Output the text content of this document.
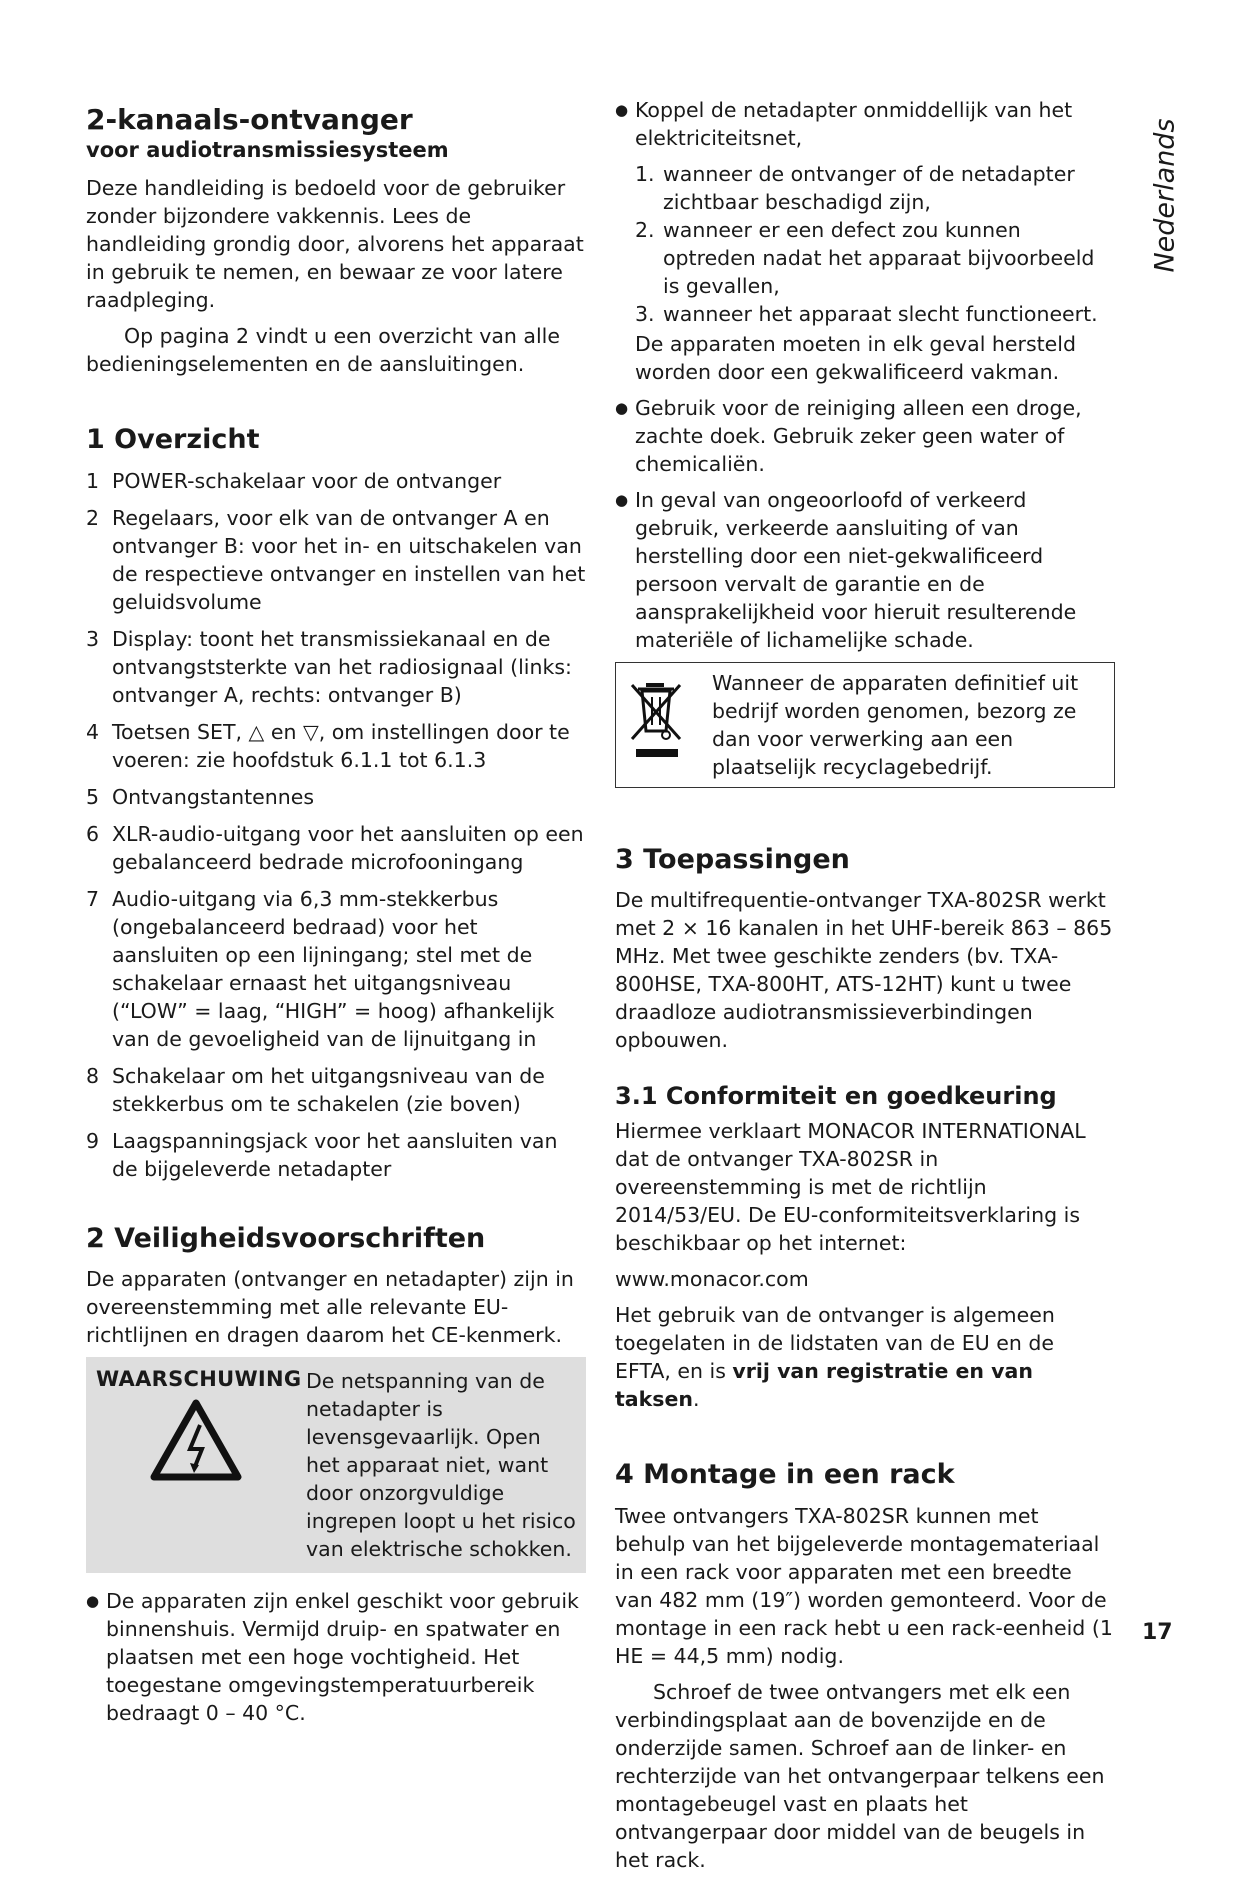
2-kanaals-ontvanger
voor audiotransmissiesysteem

Deze handleiding is bedoeld voor de gebruiker zonder bijzondere vakkennis. Lees de handleiding grondig door, alvorens het apparaat in gebruik te nemen, en bewaar ze voor latere raadpleging.

Op pagina 2 vindt u een overzicht van alle bedieningselementen en de aansluitingen.

1 Overzicht
1 POWER-schakelaar voor de ontvanger
2 Regelaars, voor elk van de ontvanger A en ontvanger B: voor het in- en uitschakelen van de respectieve ontvanger en instellen van het geluidsvolume
3 Display: toont het transmissiekanaal en de ontvangststerkte van het radiosignaal (links: ontvanger A, rechts: ontvanger B)
4 Toetsen SET, △ en ▽, om instellingen door te voeren: zie hoofdstuk 6.1.1 tot 6.1.3
5 Ontvangstantennes
6 XLR-audio-uitgang voor het aansluiten op een gebalanceerd bedrade microfooningang
7 Audio-uitgang via 6,3 mm-stekkerbus (ongebalanceerd bedraad) voor het aansluiten op een lijningang; stel met de schakelaar ernaast het uitgangsniveau (“LOW” = laag, “HIGH” = hoog) afhankelijk van de gevoeligheid van de lijnuitgang in
8 Schakelaar om het uitgangsniveau van de stekkerbus om te schakelen (zie boven)
9 Laagspanningsjack voor het aansluiten van de bijgeleverde netadapter
2 Veiligheidsvoorschriften

De apparaten (ontvanger en netadapter) zijn in overeenstemming met alle relevante EU-richtlijnen en dragen daarom het CE-kenmerk.

WAARSCHUWING De netspanning van de netadapter is levensgevaarlijk. Open het apparaat niet, want door onzorgvuldige ingrepen loopt u het risico van elektrische schokken.

● De apparaten zijn enkel geschikt voor gebruik binnenshuis. Vermijd druip- en spatwater en plaatsen met een hoge vochtigheid. Het toegestane omgevingstemperatuurbereik bedraagt 0 – 40 °C.
● Koppel de netadapter onmiddellijk van het elektriciteitsnet,
1. wanneer de ontvanger of de netadapter zichtbaar beschadigd zijn,
2. wanneer er een defect zou kunnen optreden nadat het apparaat bijvoorbeeld is gevallen,
3. wanneer het apparaat slecht functioneert.

De apparaten moeten in elk geval hersteld worden door een gekwalificeerd vakman.

● Gebruik voor de reiniging alleen een droge, zachte doek. Gebruik zeker geen water of chemicaliën.
● In geval van ongeoorloofd of verkeerd gebruik, verkeerde aansluiting of van herstelling door een niet-gekwalificeerd persoon vervalt de garantie en de aansprakelijkheid voor hieruit resulterende materiële of lichamelijke schade.

Wanneer de apparaten definitief uit bedrijf worden genomen, bezorg ze dan voor verwerking aan een plaatselijk recyclagebedrijf.

3 Toepassingen

De multifrequentie-ontvanger TXA-802SR werkt met 2 × 16 kanalen in het UHF-bereik 863 – 865 MHz. Met twee geschikte zenders (bv. TXA-800HSE, TXA-800HT, ATS-12HT) kunt u twee draadloze audiotransmissieverbindingen opbouwen.

3.1 Conformiteit en goedkeuring

Hiermee verklaart MONACOR INTERNATIONAL dat de ontvanger TXA-802SR in overeenstemming is met de richtlijn 2014/53/EU. De EU-conformiteitsverklaring is beschikbaar op het internet:

www.monacor.com

Het gebruik van de ontvanger is algemeen toegelaten in de lidstaten van de EU en de EFTA, en is vrij van registratie en van taksen.

4 Montage in een rack

Twee ontvangers TXA-802SR kunnen met behulp van het bijgeleverde montagemateriaal in een rack voor apparaten met een breedte van 482 mm (19″) worden gemonteerd. Voor de montage in een rack hebt u een rack-eenheid (1 HE = 44,5 mm) nodig.

Schroef de twee ontvangers met elk een verbindingsplaat aan de bovenzijde en de onderzijde samen. Schroef aan de linker- en rechterzijde van het ontvangerpaar telkens een montagebeugel vast en plaats het ontvangerpaar door middel van de beugels in het rack.

Nederlands
17
